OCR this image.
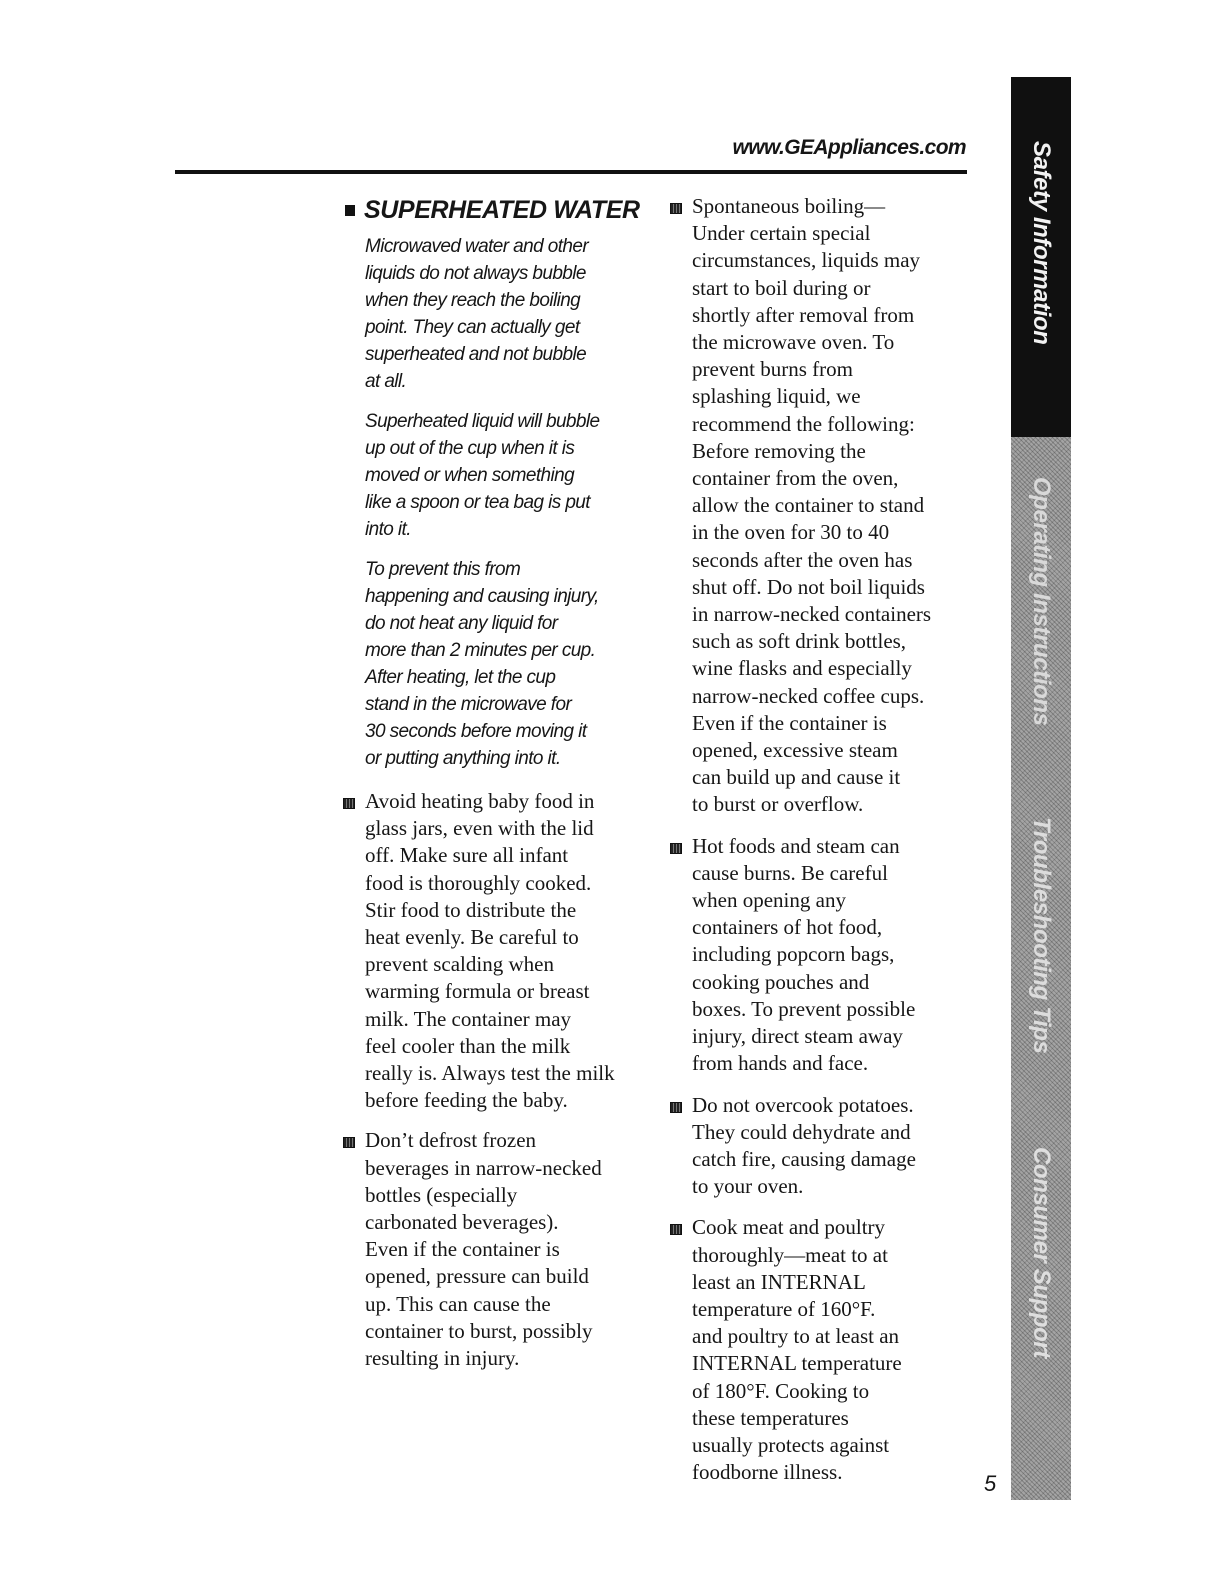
www.GEAppliances.com
SUPERHEATED WATER

Microwaved water and other
liquids do not always bubble
when they reach the boiling
point. They can actually get
superheated and not bubble
at all.

Superheated liquid will bubble
up out of the cup when it is
moved or when something
like a spoon or tea bag is put
into it.

To prevent this from
happening and causing injury,
do not heat any liquid for
more than 2 minutes per cup.
After heating, let the cup
stand in the microwave for
30 seconds before moving it
or putting anything into it.

Avoid heating baby food in
glass jars, even with the lid
off. Make sure all infant
food is thoroughly cooked.
Stir food to distribute the
heat evenly. Be careful to
prevent scalding when
warming formula or breast
milk. The container may
feel cooler than the milk
really is. Always test the milk
before feeding the baby.
Don’t defrost frozen
beverages in narrow-necked
bottles (especially
carbonated beverages).
Even if the container is
opened, pressure can build
up. This can cause the
container to burst, possibly
resulting in injury.
Spontaneous boiling—
Under certain special
circumstances, liquids may
start to boil during or
shortly after removal from
the microwave oven. To
prevent burns from
splashing liquid, we
recommend the following:
Before removing the
container from the oven,
allow the container to stand
in the oven for 30 to 40
seconds after the oven has
shut off. Do not boil liquids
in narrow-necked containers
such as soft drink bottles,
wine flasks and especially
narrow-necked coffee cups.
Even if the container is
opened, excessive steam
can build up and cause it
to burst or overflow.
Hot foods and steam can
cause burns. Be careful
when opening any
containers of hot food,
including popcorn bags,
cooking pouches and
boxes. To prevent possible
injury, direct steam away
from hands and face.
Do not overcook potatoes.
They could dehydrate and
catch fire, causing damage
to your oven.
Cook meat and poultry
thoroughly—meat to at
least an INTERNAL
temperature of 160°F.
and poultry to at least an
INTERNAL temperature
of 180°F. Cooking to
these temperatures
usually protects against
foodborne illness.
Safety Information
Operating Instructions
Troubleshooting Tips
Consumer Support
5
